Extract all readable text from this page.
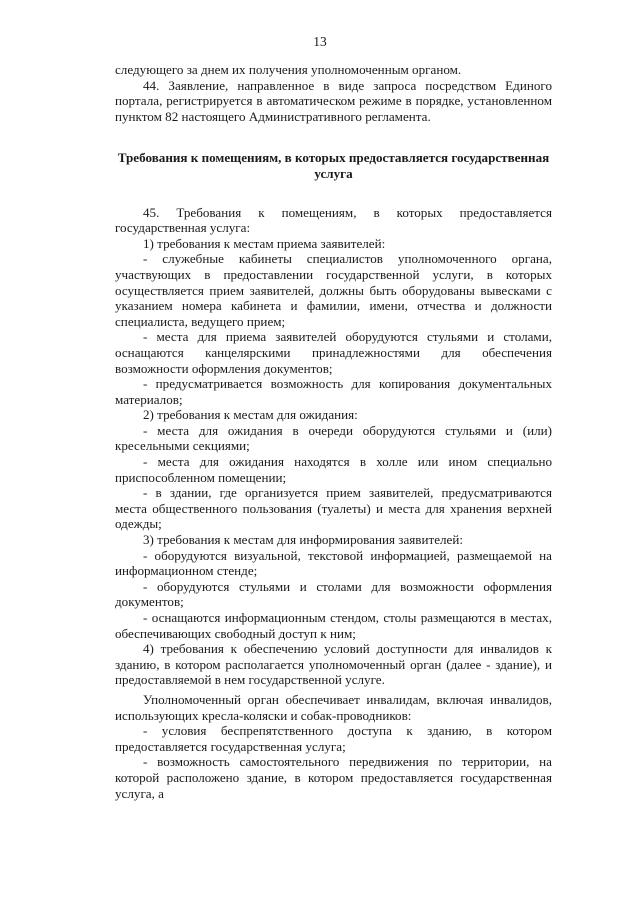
13

следующего за днем их получения уполномоченным органом.

44. Заявление, направленное в виде запроса посредством Единого портала, регистрируется в автоматическом режиме в порядке, установленном пунктом 82 настоящего Административного регламента.

Требования к помещениям, в которых предоставляется государственная услуга

45. Требования к помещениям, в которых предоставляется государственная услуга:

1) требования к местам приема заявителей:

- служебные кабинеты специалистов уполномоченного органа, участвующих в предоставлении государственной услуги, в которых осуществляется прием заявителей, должны быть оборудованы вывесками с указанием номера кабинета и фамилии, имени, отчества и должности специалиста, ведущего прием;

- места для приема заявителей оборудуются стульями и столами, оснащаются канцелярскими принадлежностями для обеспечения возможности оформления документов;

- предусматривается возможность для копирования документальных материалов;

2) требования к местам для ожидания:

- места для ожидания в очереди оборудуются стульями и (или) кресельными секциями;

- места для ожидания находятся в холле или ином специально приспособленном помещении;

- в здании, где организуется прием заявителей, предусматриваются места общественного пользования (туалеты) и места для хранения верхней одежды;

3) требования к местам для информирования заявителей:

- оборудуются визуальной, текстовой информацией, размещаемой на информационном стенде;

- оборудуются стульями и столами для возможности оформления документов;

- оснащаются информационным стендом, столы размещаются в местах, обеспечивающих свободный доступ к ним;

4) требования к обеспечению условий доступности для инвалидов к зданию, в котором располагается уполномоченный орган (далее - здание), и предоставляемой в нем государственной услуге.

Уполномоченный орган обеспечивает инвалидам, включая инвалидов, использующих кресла-коляски и собак-проводников:

- условия беспрепятственного доступа к зданию, в котором предоставляется государственная услуга;

- возможность самостоятельного передвижения по территории, на которой расположено здание, в котором предоставляется государственная услуга, а
